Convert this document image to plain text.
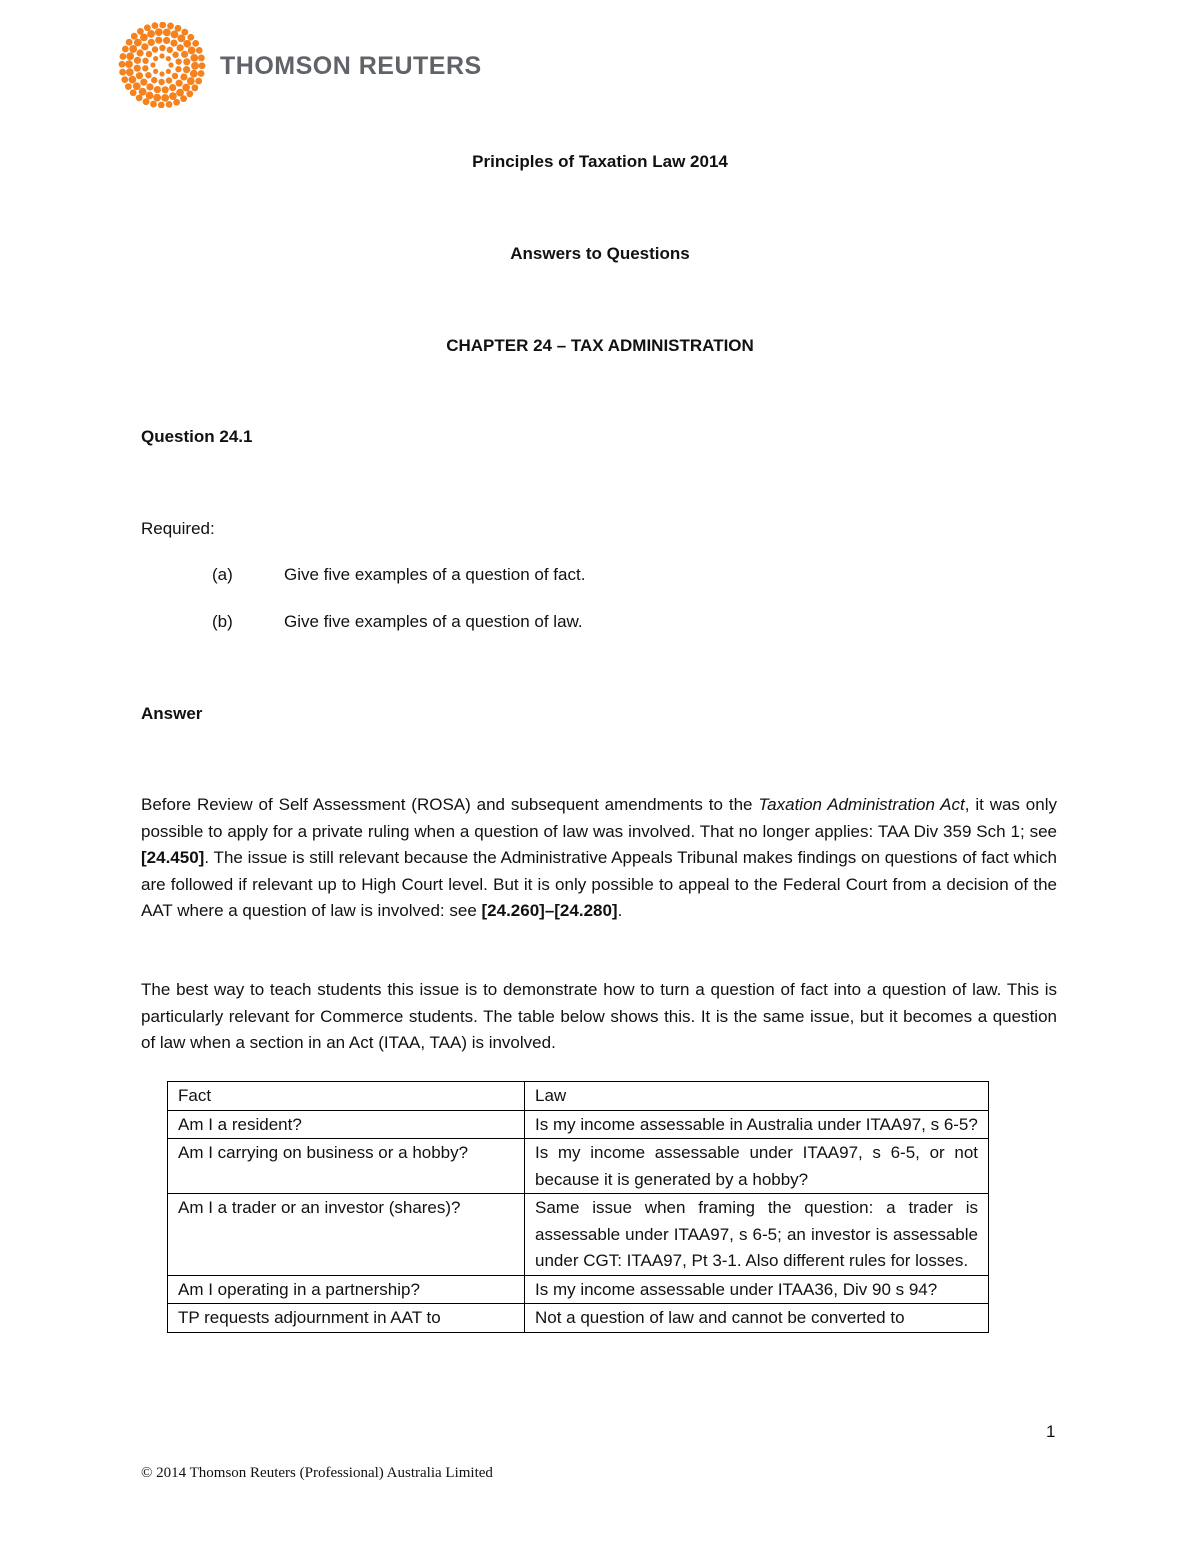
THOMSON REUTERS
Principles of Taxation Law 2014
Answers to Questions
CHAPTER 24 – TAX ADMINISTRATION
Question 24.1
Required:
(a)	Give five examples of a question of fact.
(b)	Give five examples of a question of law.
Answer
Before Review of Self Assessment (ROSA) and subsequent amendments to the Taxation Administration Act, it was only possible to apply for a private ruling when a question of law was involved. That no longer applies: TAA Div 359 Sch 1; see [24.450]. The issue is still relevant because the Administrative Appeals Tribunal makes findings on questions of fact which are followed if relevant up to High Court level. But it is only possible to appeal to the Federal Court from a decision of the AAT where a question of law is involved: see [24.260]–[24.280].
The best way to teach students this issue is to demonstrate how to turn a question of fact into a question of law. This is particularly relevant for Commerce students. The table below shows this. It is the same issue, but it becomes a question of law when a section in an Act (ITAA, TAA) is involved.
Fact	Law
Am I a resident?	Is my income assessable in Australia under ITAA97, s 6-5?
Am I carrying on business or a hobby?	Is my income assessable under ITAA97, s 6-5, or not because it is generated by a hobby?
Am I a trader or an investor (shares)?	Same issue when framing the question: a trader is assessable under ITAA97, s 6-5; an investor is assessable under CGT: ITAA97, Pt 3-1. Also different rules for losses.
Am I operating in a partnership?	Is my income assessable under ITAA36, Div 90 s 94?
TP requests adjournment in AAT to	Not a question of law and cannot be converted to
1
© 2014 Thomson Reuters (Professional) Australia Limited
